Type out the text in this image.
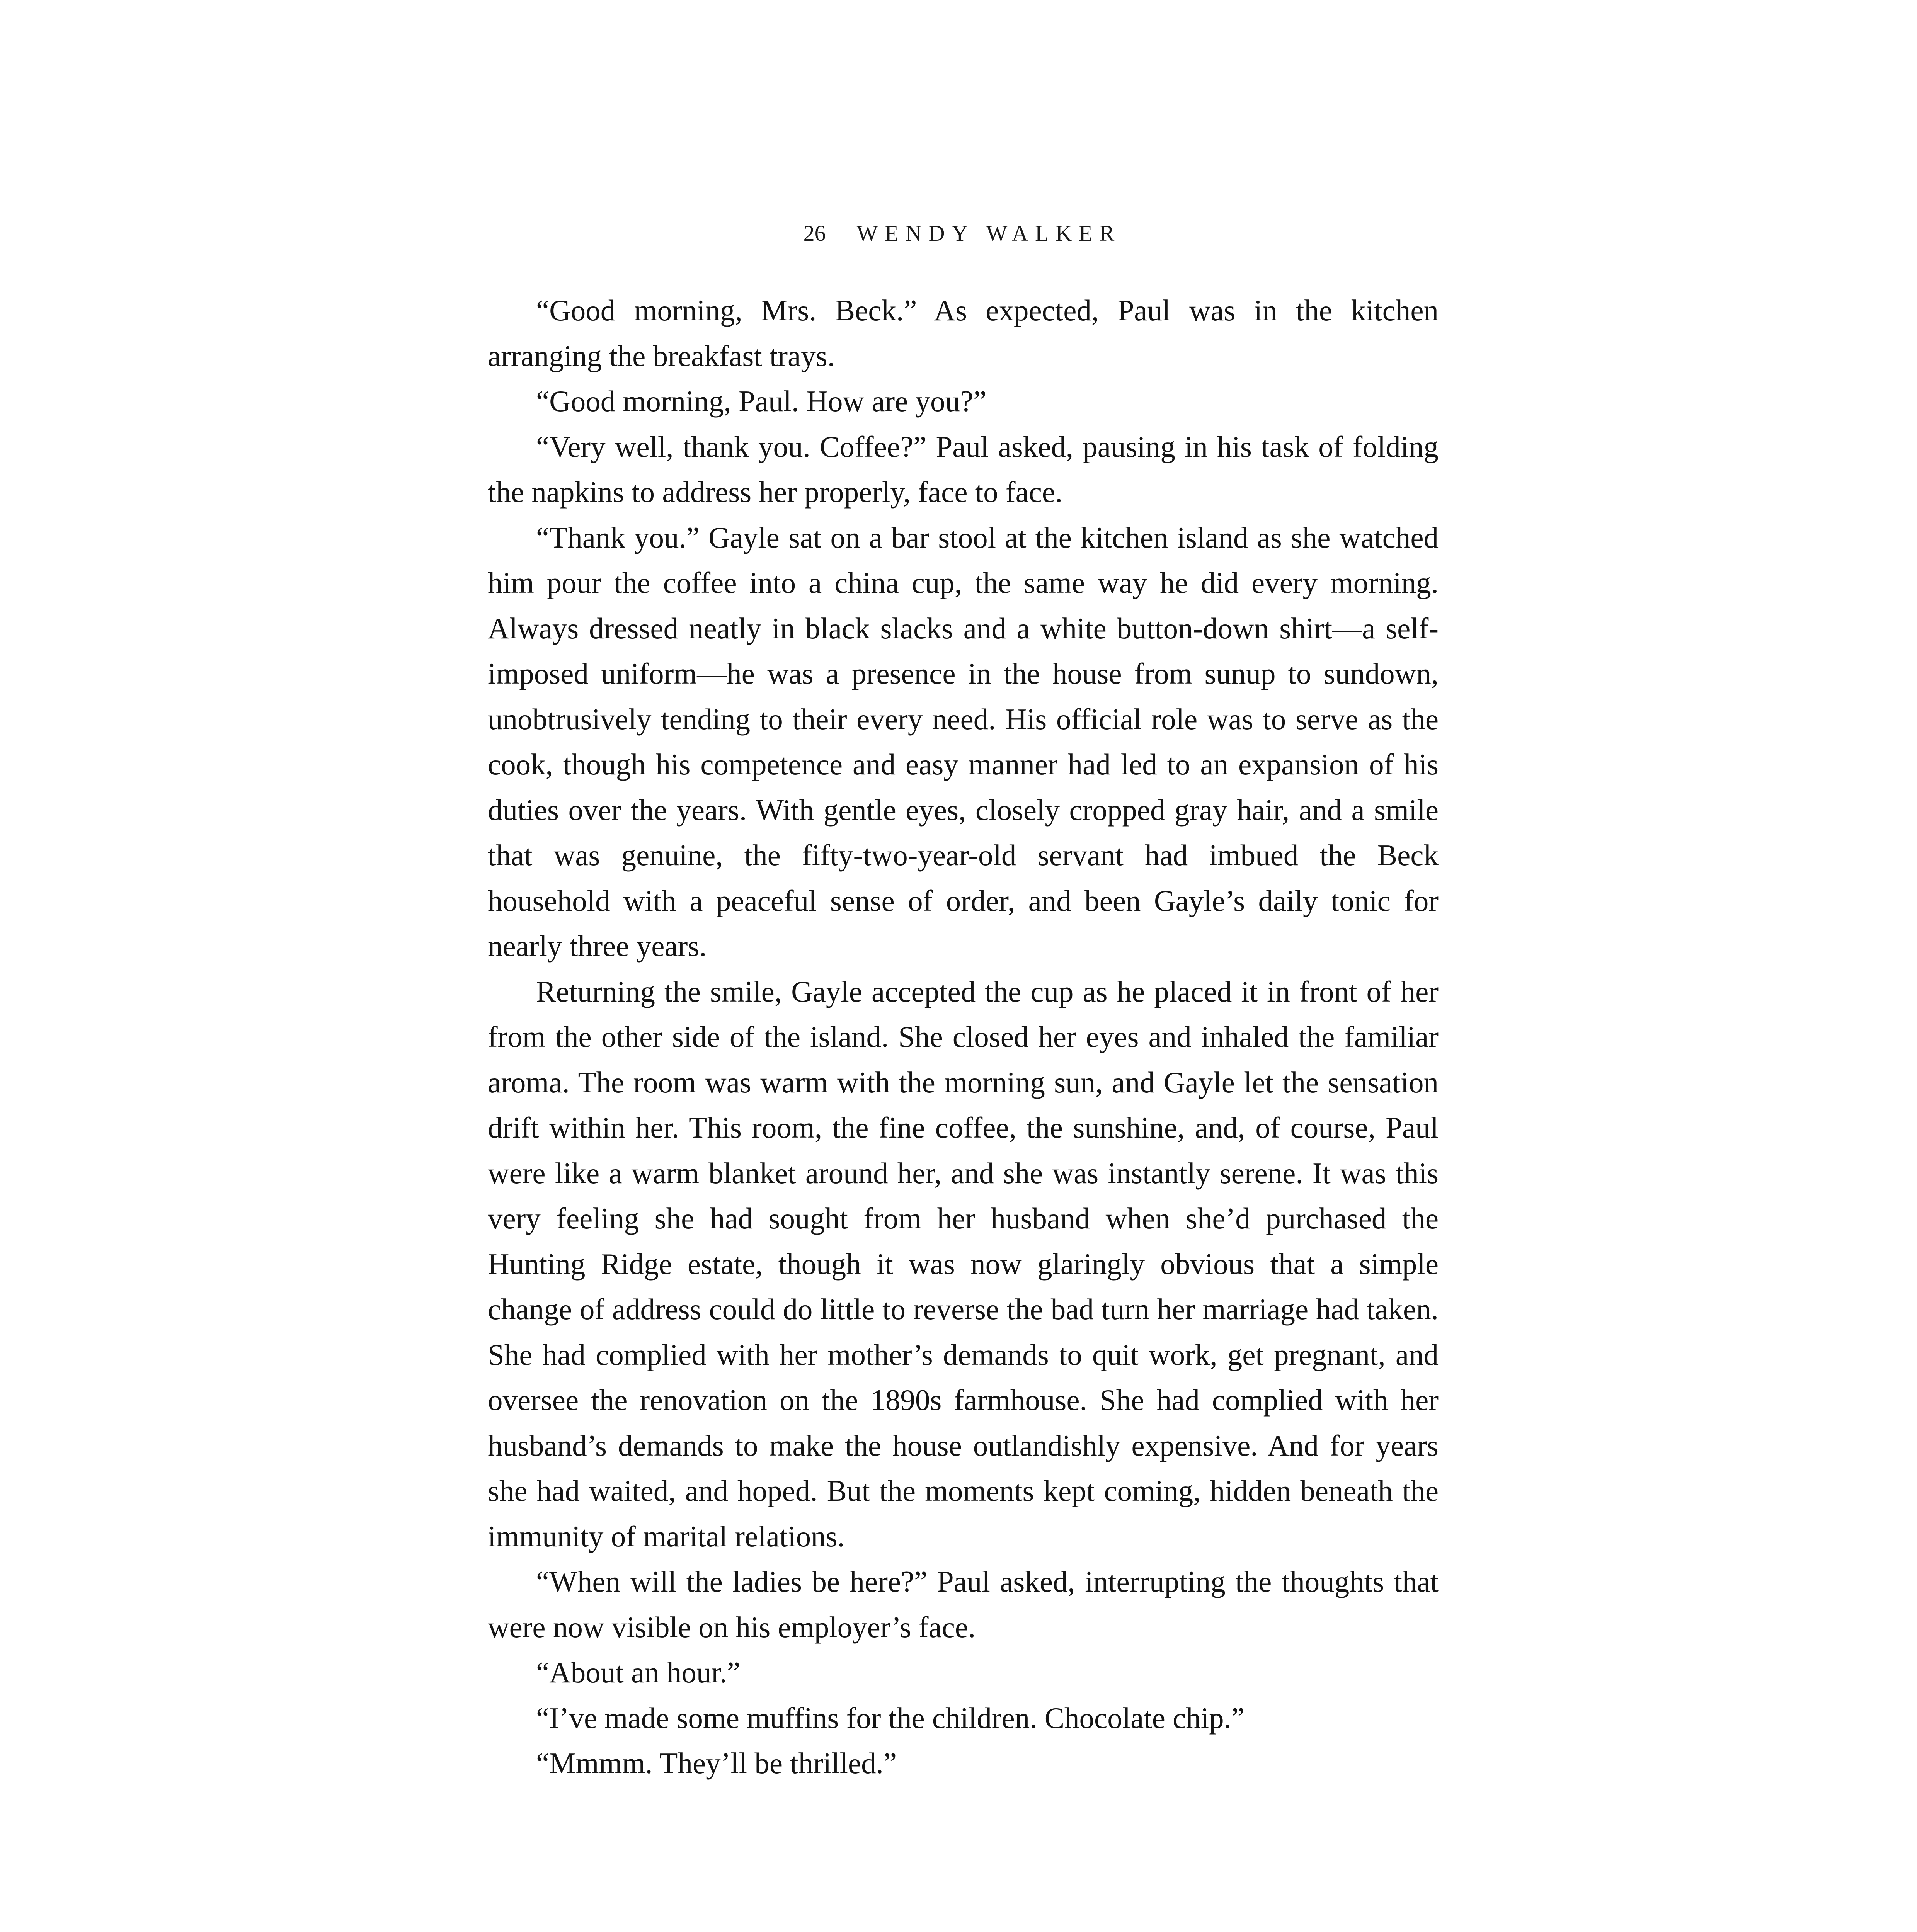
26 WENDY WALKER

“Good morning, Mrs. Beck.” As expected, Paul was in the kitchen arranging the breakfast trays.

“Good morning, Paul. How are you?”

“Very well, thank you. Coffee?” Paul asked, pausing in his task of folding the napkins to address her properly, face to face.

“Thank you.” Gayle sat on a bar stool at the kitchen island as she watched him pour the coffee into a china cup, the same way he did every morning. Always dressed neatly in black slacks and a white button-down shirt—a self-imposed uniform—he was a presence in the house from sunup to sundown, unobtrusively tending to their every need. His official role was to serve as the cook, though his competence and easy manner had led to an expansion of his duties over the years. With gentle eyes, closely cropped gray hair, and a smile that was genuine, the fifty-two-year-old servant had imbued the Beck household with a peaceful sense of order, and been Gayle’s daily tonic for nearly three years.

Returning the smile, Gayle accepted the cup as he placed it in front of her from the other side of the island. She closed her eyes and inhaled the familiar aroma. The room was warm with the morning sun, and Gayle let the sensation drift within her. This room, the fine coffee, the sunshine, and, of course, Paul were like a warm blanket around her, and she was instantly serene. It was this very feeling she had sought from her husband when she’d purchased the Hunting Ridge estate, though it was now glaringly obvious that a simple change of address could do little to reverse the bad turn her marriage had taken. She had complied with her mother’s demands to quit work, get pregnant, and oversee the renovation on the 1890s farmhouse. She had complied with her husband’s demands to make the house outlandishly expensive. And for years she had waited, and hoped. But the moments kept coming, hidden beneath the immunity of marital relations.

“When will the ladies be here?” Paul asked, interrupting the thoughts that were now visible on his employer’s face.

“About an hour.”

“I’ve made some muffins for the children. Chocolate chip.”

“Mmmm. They’ll be thrilled.”
